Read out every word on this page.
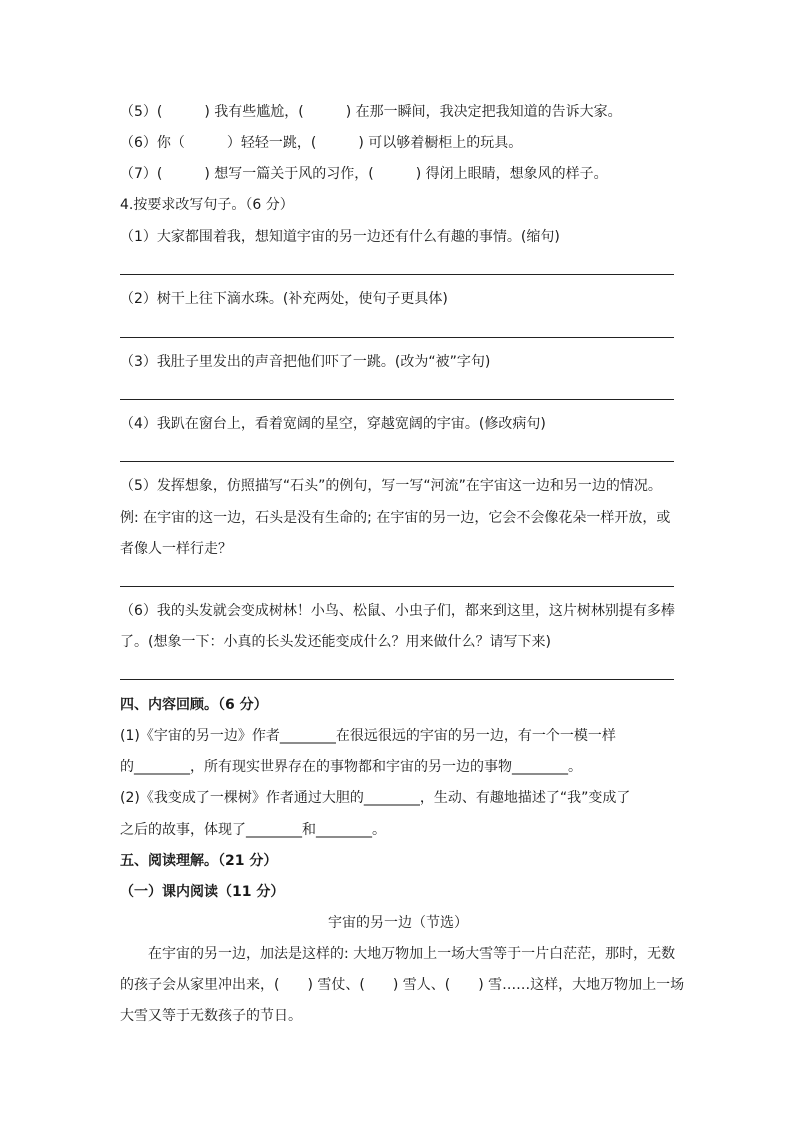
（5）(　　　) 我有些尴尬，(　　　) 在那一瞬间，我决定把我知道的告诉大家。
（6）你（　　　）轻轻一跳，(　　　) 可以够着橱柜上的玩具。
（7）(　　　) 想写一篇关于风的习作，(　　　) 得闭上眼睛，想象风的样子。
4.按要求改写句子。（6 分）
（1）大家都围着我，想知道宇宙的另一边还有什么有趣的事情。(缩句)
（2）树干上往下滴水珠。(补充两处，使句子更具体)
（3）我肚子里发出的声音把他们吓了一跳。(改为“被”字句)
（4）我趴在窗台上，看着宽阔的星空，穿越宽阔的宇宙。(修改病句)
（5）发挥想象，仿照描写“石头”的例句，写一写“河流”在宇宙这一边和另一边的情况。
例: 在宇宙的这一边，石头是没有生命的; 在宇宙的另一边，它会不会像花朵一样开放，或
者像人一样行走？
（6）我的头发就会变成树林！小鸟、松鼠、小虫子们，都来到这里，这片树林别提有多棒
了。(想象一下：小真的长头发还能变成什么？用来做什么？请写下来)
四、内容回顾。（6 分）
(1)《宇宙的另一边》作者________在很远很远的宇宙的另一边，有一个一模一样
的________，所有现实世界存在的事物都和宇宙的另一边的事物________。
(2)《我变成了一棵树》作者通过大胆的________，生动、有趣地描述了“我”变成了
之后的故事，体现了________和________。
五、阅读理解。（21 分）
（一）课内阅读（11 分）
宇宙的另一边（节选）
在宇宙的另一边，加法是这样的: 大地万物加上一场大雪等于一片白茫茫，那时，无数
的孩子会从家里冲出来，(　　) 雪仗、(　　) 雪人、(　　) 雪……这样，大地万物加上一场
大雪又等于无数孩子的节日。
